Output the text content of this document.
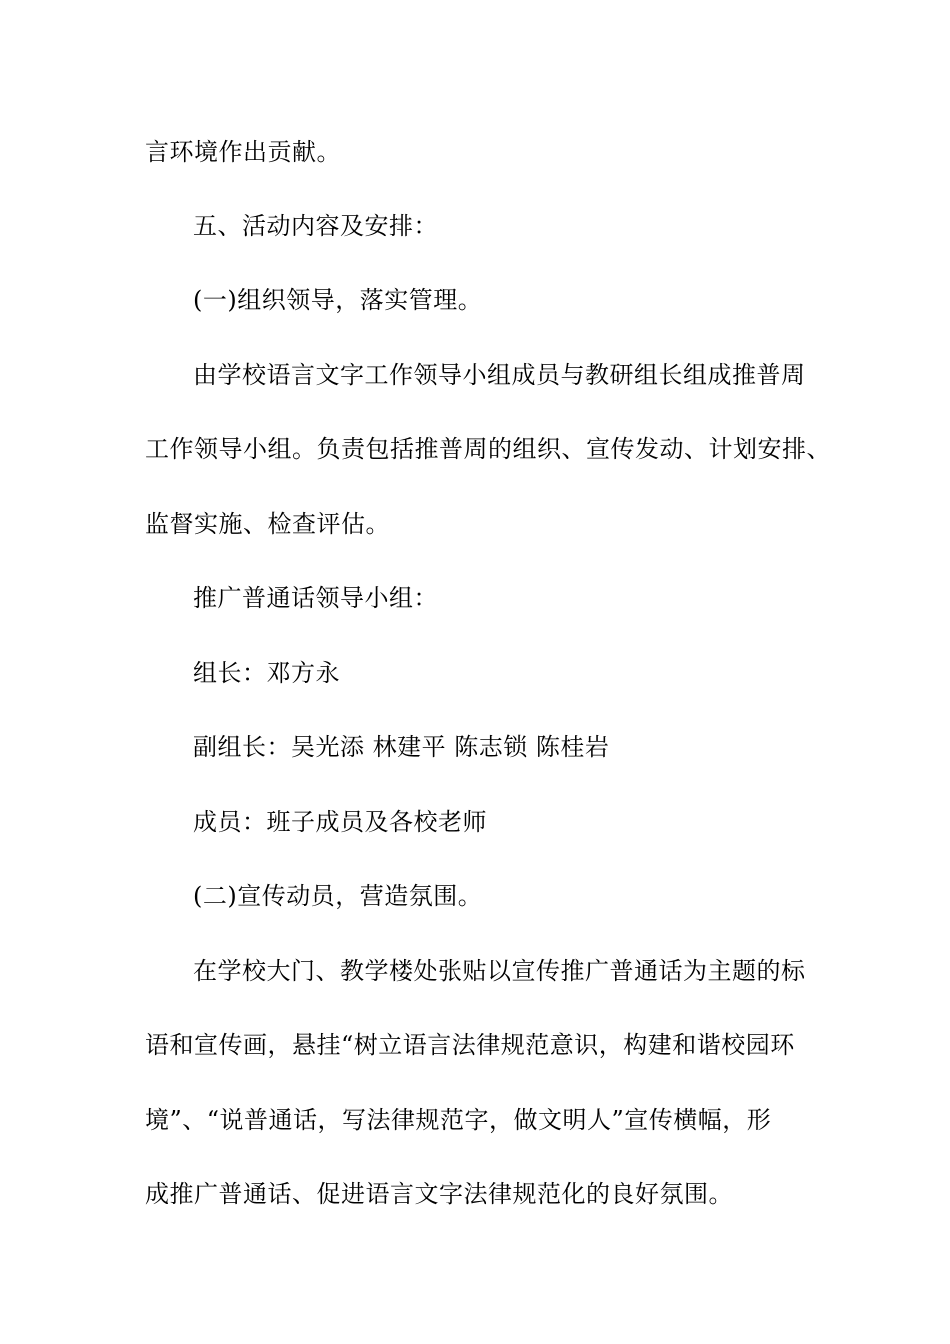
言环境作出贡献。
五、活动内容及安排：
(一)组织领导，落实管理。
由学校语言文字工作领导小组成员与教研组长组成推普周
工作领导小组。负责包括推普周的组织、宣传发动、计划安排、
监督实施、检查评估。
推广普通话领导小组：
组长：邓方永
副组长：吴光添 林建平 陈志锁 陈桂岩
成员：班子成员及各校老师
(二)宣传动员，营造氛围。
在学校大门、教学楼处张贴以宣传推广普通话为主题的标
语和宣传画，悬挂“树立语言法律规范意识，构建和谐校园环
境”、“说普通话，写法律规范字，做文明人”宣传横幅，形
成推广普通话、促进语言文字法律规范化的良好氛围。
